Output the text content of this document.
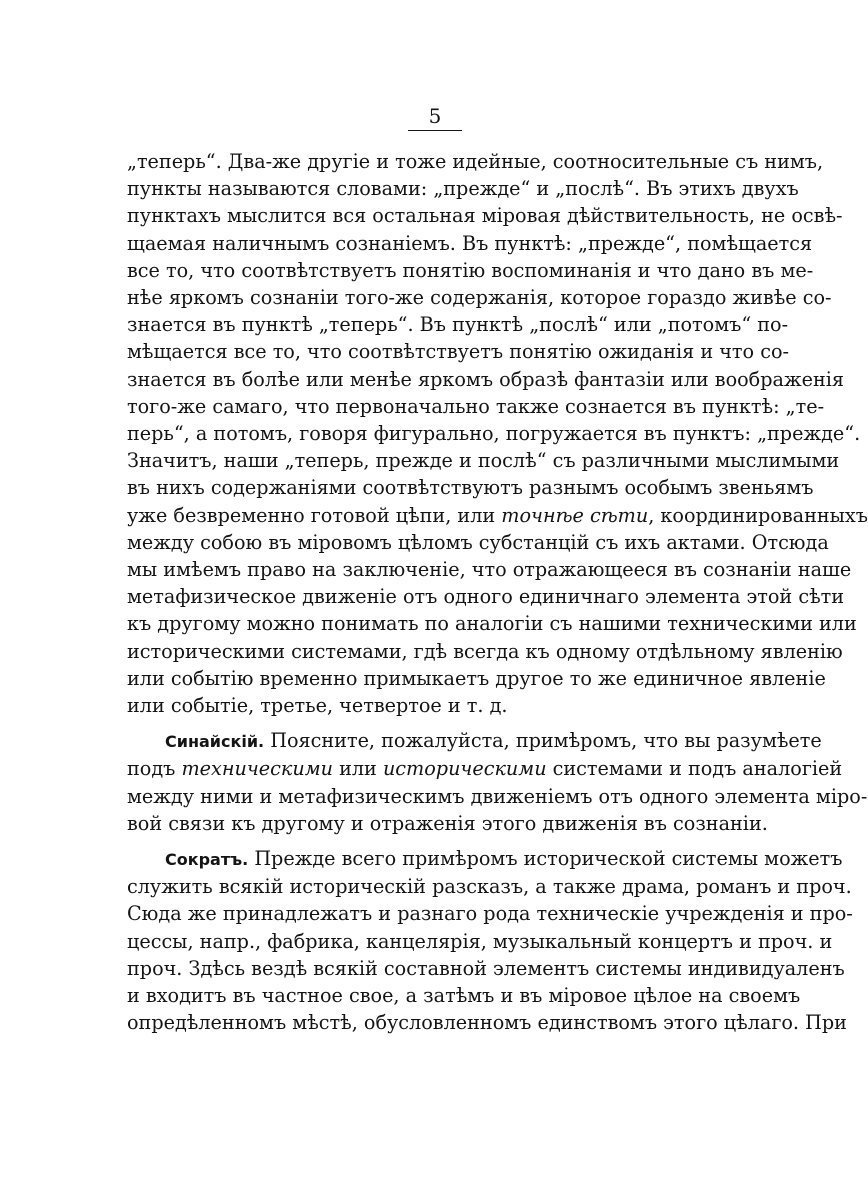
5

„теперь“. Два-же другіе и тоже идейные, соотносительные съ нимъ,
пункты называются словами: „прежде“ и „послѣ“. Въ этихъ двухъ
пунктахъ мыслится вся остальная міровая дѣйствительность, не освѣ-
щаемая наличнымъ сознаніемъ. Въ пунктѣ: „прежде“, помѣщается
все то, что соотвѣтствуетъ понятію воспоминанія и что дано въ ме-
нѣе яркомъ сознаніи того-же содержанія, которое гораздо живѣе со-
знается въ пунктѣ „теперь“. Въ пунктѣ „послѣ“ или „потомъ“ по-
мѣщается все то, что соотвѣтствуетъ понятію ожиданія и что со-
знается въ болѣе или менѣе яркомъ образѣ фантазіи или воображенія
того-же самаго, что первоначально также сознается въ пунктѣ: „те-
перь“, а потомъ, говоря фигурально, погружается въ пунктъ: „прежде“.
Значитъ, наши „теперь, прежде и послѣ“ съ различными мыслимыми
въ нихъ содержаніями соотвѣтствуютъ разнымъ особымъ звеньямъ
уже безвременно готовой цѣпи, или точнѣе сѣти, координированныхъ
между собою въ міровомъ цѣломъ субстанцій съ ихъ актами. Отсюда
мы имѣемъ право на заключеніе, что отражающееся въ сознаніи наше
метафизическое движеніе отъ одного единичнаго элемента этой сѣти
къ другому можно понимать по аналогіи съ нашими техническими или
историческими системами, гдѣ всегда къ одному отдѣльному явленію
или событію временно примыкаетъ другое то же единичное явленіе
или событіе, третье, четвертое и т. д.

Синайскій. Поясните, пожалуйста, примѣромъ, что вы разумѣете
подъ техническими или историческими системами и подъ аналогіей
между ними и метафизическимъ движеніемъ отъ одного элемента міро-
вой связи къ другому и отраженія этого движенія въ сознаніи.

Сократъ. Прежде всего примѣромъ исторической системы можетъ
служить всякій историческій разсказъ, а также драма, романъ и проч.
Сюда же принадлежатъ и разнаго рода техническіе учрежденія и про-
цессы, напр., фабрика, канцелярія, музыкальный концертъ и проч. и
проч. Здѣсь вездѣ всякій составной элементъ системы индивидуаленъ
и входитъ въ частное свое, а затѣмъ и въ міровое цѣлое на своемъ
опредѣленномъ мѣстѣ, обусловленномъ единствомъ этого цѣлаго. При
